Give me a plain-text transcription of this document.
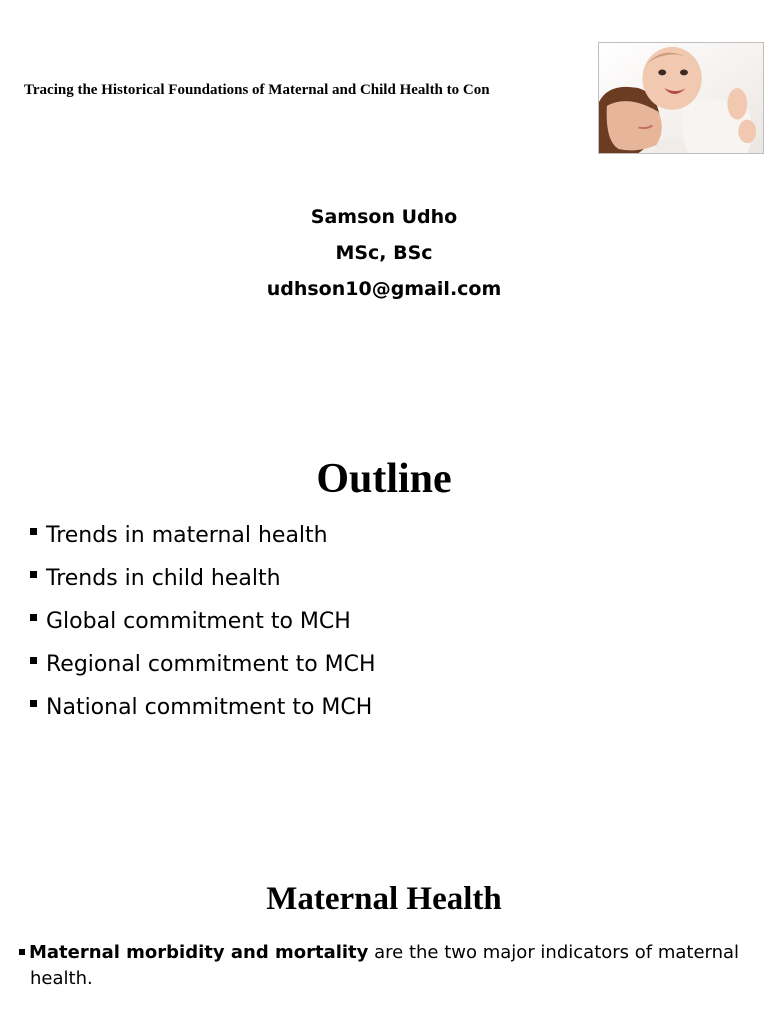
Tracing the Historical Foundations of Maternal and Child Health to Con
Samson Udho
MSc, BSc
udhson10@gmail.com
Outline
Trends in maternal health
Trends in child health
Global commitment to MCH
Regional commitment to MCH
National commitment to MCH
Maternal Health
Maternal morbidity and mortality are the two major indicators of maternal
health.
